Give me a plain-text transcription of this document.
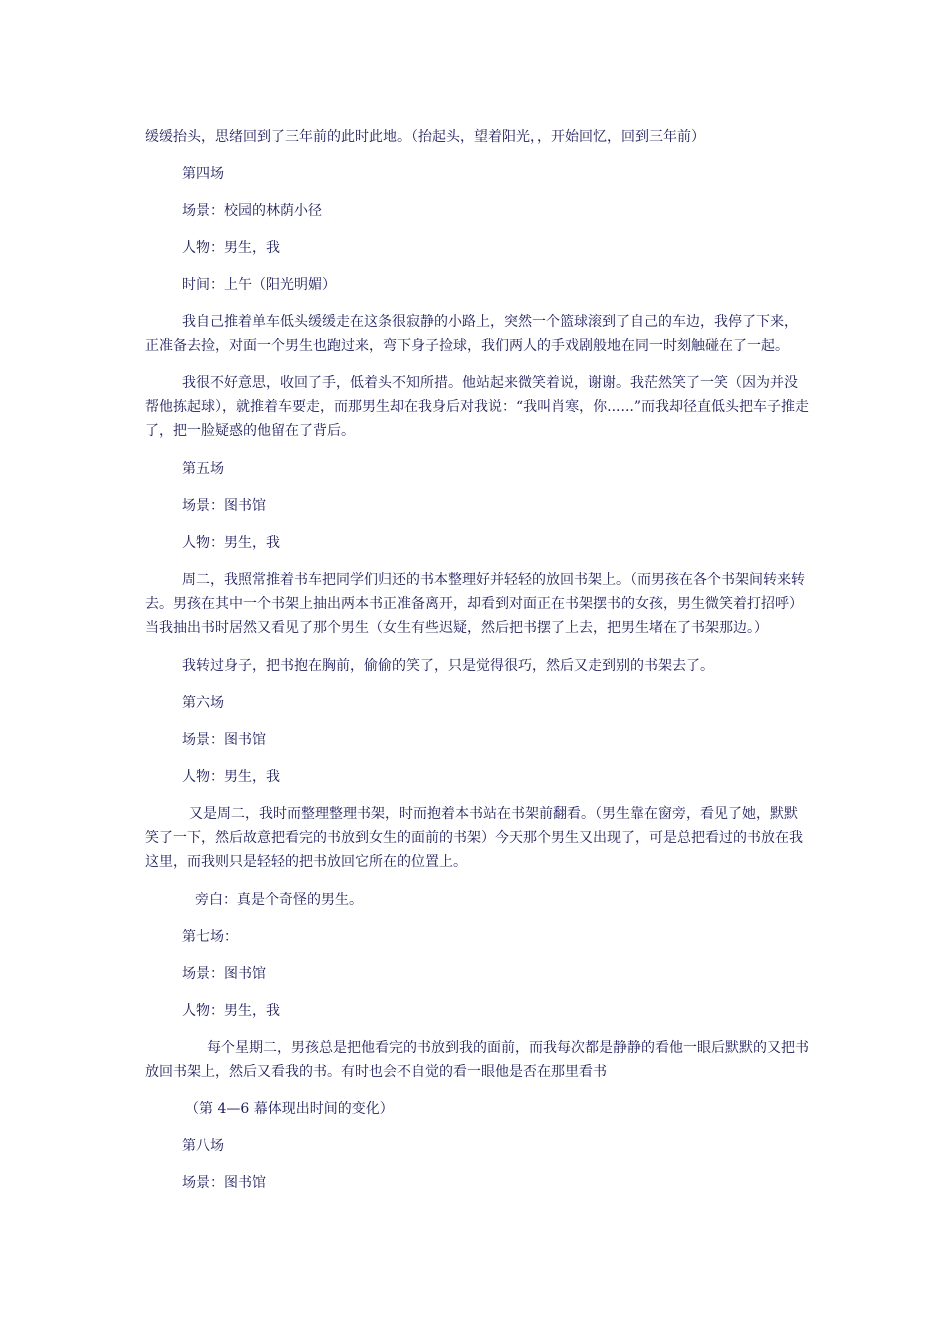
缓缓抬头，思绪回到了三年前的此时此地。（抬起头，望着阳光，，开始回忆，回到三年前）

第四场

场景：校园的林荫小径

人物：男生，我

时间：上午（阳光明媚）

我自己推着单车低头缓缓走在这条很寂静的小路上，突然一个篮球滚到了自己的车边，我停了下来，正准备去捡，对面一个男生也跑过来，弯下身子捡球，我们两人的手戏剧般地在同一时刻触碰在了一起。

我很不好意思，收回了手，低着头不知所措。他站起来微笑着说，谢谢。我茫然笑了一笑（因为并没帮他拣起球），就推着车要走，而那男生却在我身后对我说：“我叫肖寒，你......”而我却径直低头把车子推走了，把一脸疑惑的他留在了背后。

第五场

场景：图书馆

人物：男生，我

周二，我照常推着书车把同学们归还的书本整理好并轻轻的放回书架上。（而男孩在各个书架间转来转去。男孩在其中一个书架上抽出两本书正准备离开，却看到对面正在书架摆书的女孩，男生微笑着打招呼）当我抽出书时居然又看见了那个男生（女生有些迟疑，然后把书摆了上去，把男生堵在了书架那边。）

我转过身子，把书抱在胸前，偷偷的笑了，只是觉得很巧，然后又走到别的书架去了。

第六场

场景：图书馆

人物：男生，我

又是周二，我时而整理整理书架，时而抱着本书站在书架前翻看。（男生靠在窗旁，看见了她，默默笑了一下，然后故意把看完的书放到女生的面前的书架）今天那个男生又出现了，可是总把看过的书放在我这里，而我则只是轻轻的把书放回它所在的位置上。

旁白：真是个奇怪的男生。

第七场：

场景：图书馆

人物：男生，我

每个星期二，男孩总是把他看完的书放到我的面前，而我每次都是静静的看他一眼后默默的又把书放回书架上，然后又看我的书。有时也会不自觉的看一眼他是否在那里看书

（第 4—6 幕体现出时间的变化）

第八场

场景：图书馆
